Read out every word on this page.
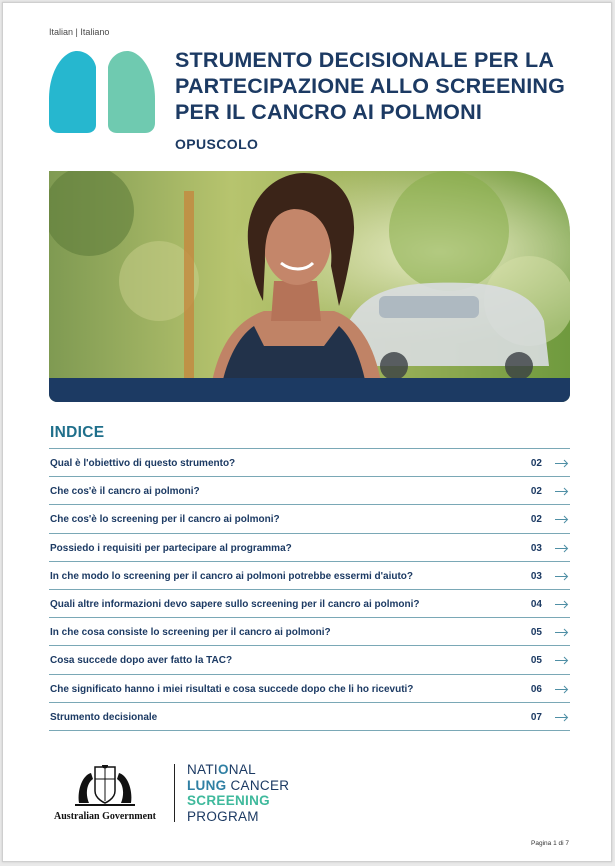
Italian | Italiano
STRUMENTO DECISIONALE PER LA
PARTECIPAZIONE ALLO SCREENING
PER IL CANCRO AI POLMONI
OPUSCOLO
INDICE
Qual è l'obiettivo di questo strumento?	02
Che cos'è il cancro ai polmoni?	02
Che cos'è lo screening per il cancro ai polmoni?	02
Possiedo i requisiti per partecipare al programma?	03
In che modo lo screening per il cancro ai polmoni potrebbe essermi d'aiuto?	03
Quali altre informazioni devo sapere sullo screening per il cancro ai polmoni?	04
In che cosa consiste lo screening per il cancro ai polmoni?	05
Cosa succede dopo aver fatto la TAC?	05
Che significato hanno i miei risultati e cosa succede dopo che li ho ricevuti?	06
Strumento decisionale	07
Australian Government
NATIONAL
LUNG CANCER
SCREENING
PROGRAM
Pagina 1 di 7
